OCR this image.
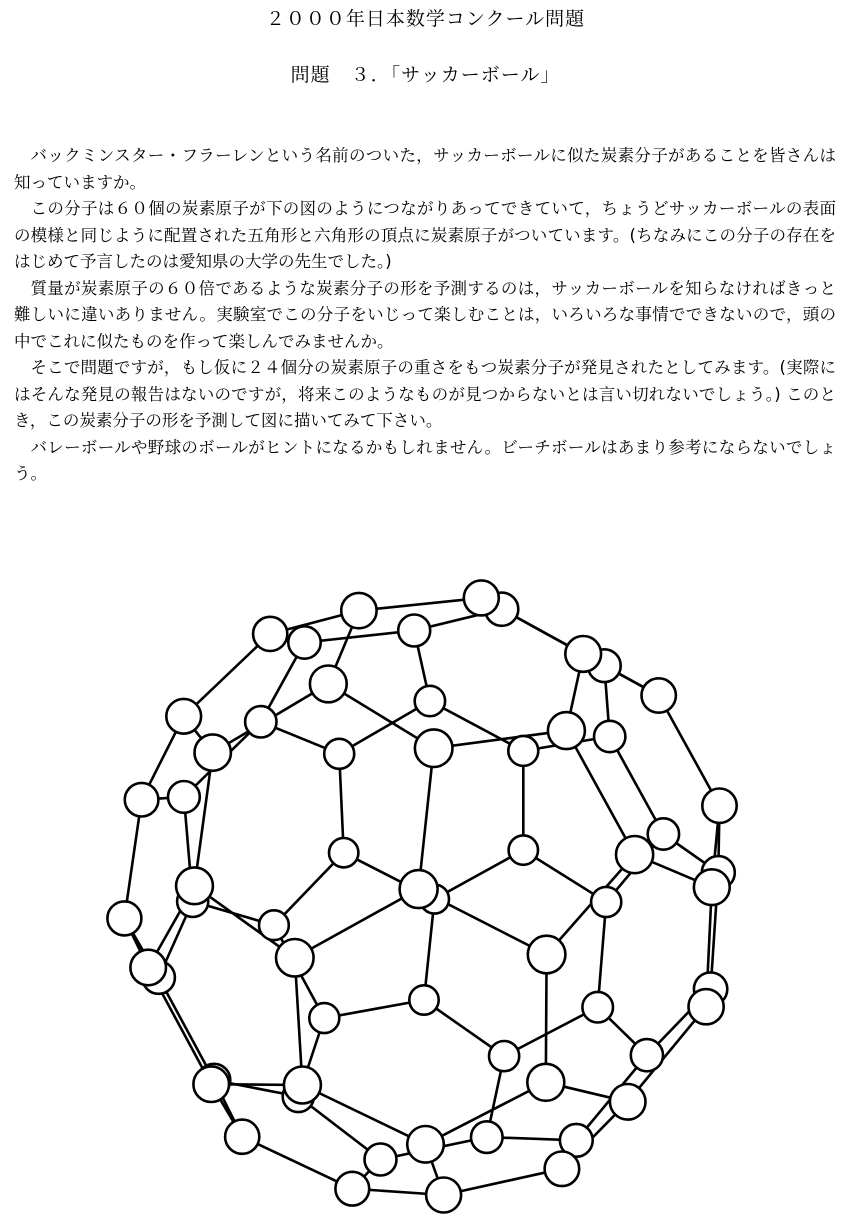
２０００年日本数学コンクール問題
問題　３．「サッカーボール」

バックミンスター・フラーレンという名前のついた，サッカーボールに似た炭素分子があることを皆さんは知っていますか。

この分子は６０個の炭素原子が下の図のようにつながりあってできていて，ちょうどサッカーボールの表面の模様と同じように配置された五角形と六角形の頂点に炭素原子がついています。(ちなみにこの分子の存在をはじめて予言したのは愛知県の大学の先生でした。)

質量が炭素原子の６０倍であるような炭素分子の形を予測するのは，サッカーボールを知らなければきっと難しいに違いありません。実験室でこの分子をいじって楽しむことは，いろいろな事情でできないので，頭の中でこれに似たものを作って楽しんでみませんか。

そこで問題ですが，もし仮に２４個分の炭素原子の重さをもつ炭素分子が発見されたとしてみます。(実際にはそんな発見の報告はないのですが，将来このようなものが見つからないとは言い切れないでしょう。) このとき，この炭素分子の形を予測して図に描いてみて下さい。

バレーボールや野球のボールがヒントになるかもしれません。ビーチボールはあまり参考にならないでしょう。
